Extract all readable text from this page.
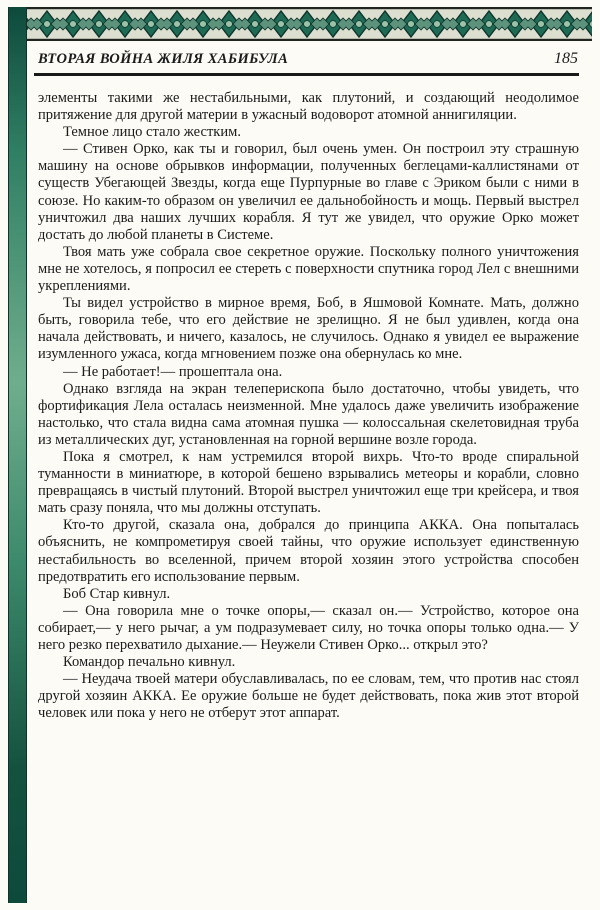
ВТОРАЯ ВОЙНА ЖИЛЯ ХАБИБУЛА	185

элементы такими же нестабильными, как плутоний, и создающий неодолимое притяжение для другой материи в ужасный водоворот атомной аннигиляции.

Темное лицо стало жестким.

— Стивен Орко, как ты и говорил, был очень умен. Он построил эту страшную машину на основе обрывков информации, полученных беглецами-каллистянами от существ Убегающей Звезды, когда еще Пурпурные во главе с Эриком были с ними в союзе. Но каким-то образом он увеличил ее дальнобойность и мощь. Первый выстрел уничтожил два наших лучших корабля. Я тут же увидел, что оружие Орко может достать до любой планеты в Системе.

Твоя мать уже собрала свое секретное оружие. Поскольку полного уничтожения мне не хотелось, я попросил ее стереть с поверхности спутника город Лел с внешними укреплениями.

Ты видел устройство в мирное время, Боб, в Яшмовой Комнате. Мать, должно быть, говорила тебе, что его действие не зрелищно. Я не был удивлен, когда она начала действовать, и ничего, казалось, не случилось. Однако я увидел ее выражение изумленного ужаса, когда мгновением позже она обернулась ко мне.

— Не работает!— прошептала она.

Однако взгляда на экран телеперископа было достаточно, чтобы увидеть, что фортификация Лела осталась неизменной. Мне удалось даже увеличить изображение настолько, что стала видна сама атомная пушка — колоссальная скелетовидная труба из металлических дуг, установленная на горной вершине возле города.

Пока я смотрел, к нам устремился второй вихрь. Что-то вроде спиральной туманности в миниатюре, в которой бешено взрывались метеоры и корабли, словно превращаясь в чистый плутоний. Второй выстрел уничтожил еще три крейсера, и твоя мать сразу поняла, что мы должны отступать.

Кто-то другой, сказала она, добрался до принципа АККА. Она попыталась объяснить, не компрометируя своей тайны, что оружие использует единственную нестабильность во вселенной, причем второй хозяин этого устройства способен предотвратить его использование первым.

Боб Стар кивнул.

— Она говорила мне о точке опоры,— сказал он.— Устройство, которое она собирает,— у него рычаг, а ум подразумевает силу, но точка опоры только одна.— У него резко перехватило дыхание.— Неужели Стивен Орко... открыл это?

Командор печально кивнул.

— Неудача твоей матери обуславливалась, по ее словам, тем, что против нас стоял другой хозяин АККА. Ее оружие больше не будет действовать, пока жив этот второй человек или пока у него не отберут этот аппарат.
